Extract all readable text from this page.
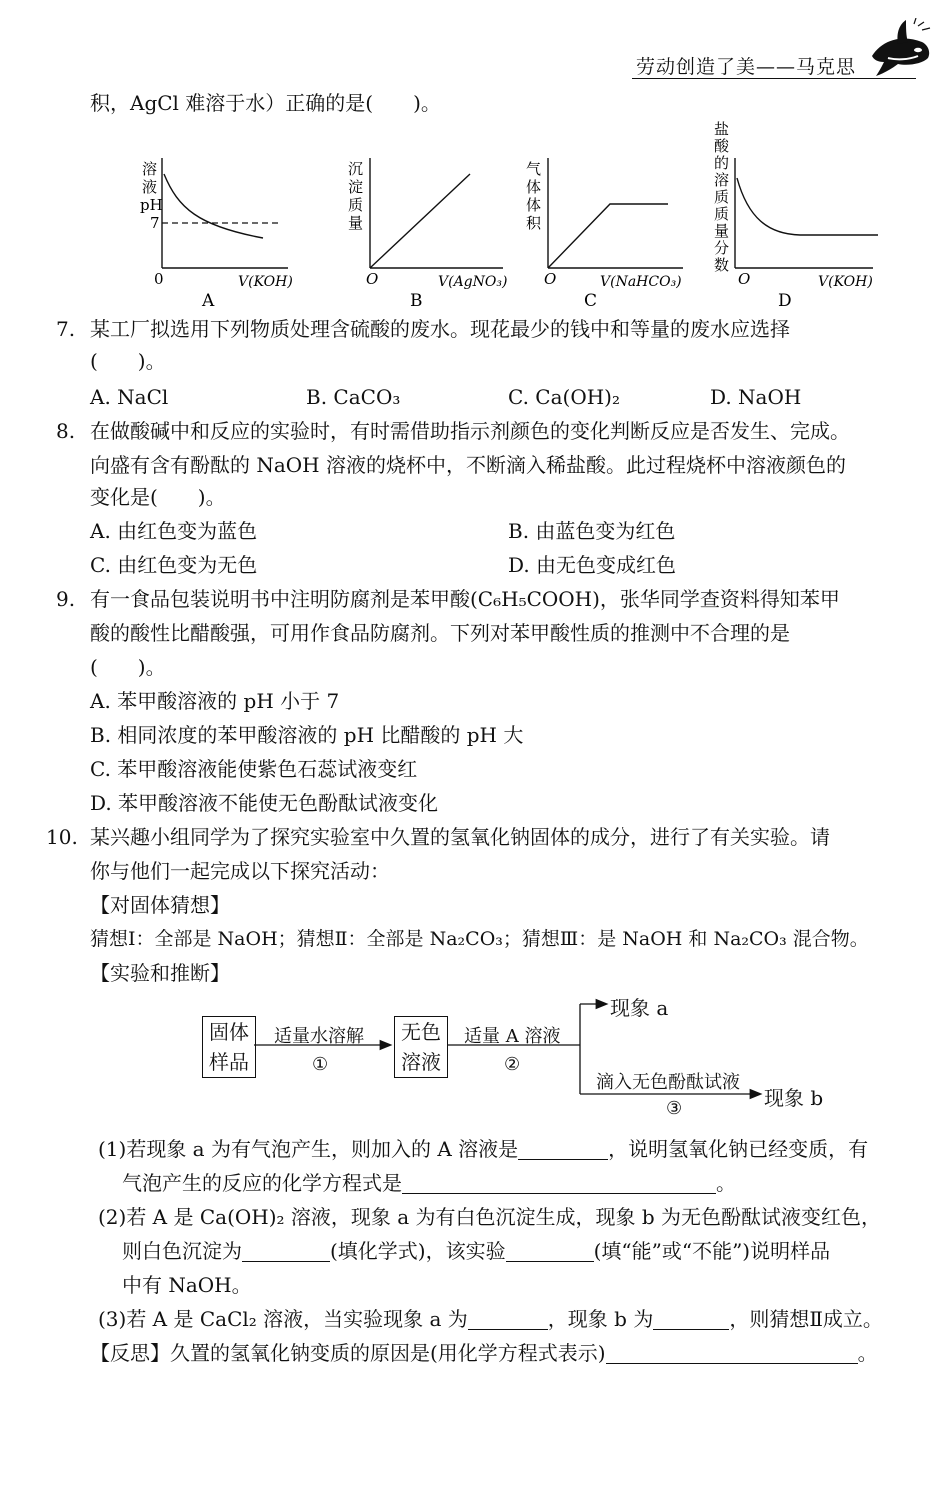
劳动创造了美——马克思
积，AgCl 难溶于水）正确的是(　　)。
溶
液
pH
7
0	V(KOH)
A
沉
淀
质
量
O	V(AgNO₃)
B
气
体
体
积
O	V(NaHCO₃)
C
盐
酸
的
溶
质
质
量
分
数
O	V(KOH)
D
7. 某工厂拟选用下列物质处理含硫酸的废水。现花最少的钱中和等量的废水应选择
(　　)。
A. NaCl	B. CaCO₃	C. Ca(OH)₂	D. NaOH
8. 在做酸碱中和反应的实验时，有时需借助指示剂颜色的变化判断反应是否发生、完成。
向盛有含有酚酞的 NaOH 溶液的烧杯中，不断滴入稀盐酸。此过程烧杯中溶液颜色的
变化是(　　)。
A. 由红色变为蓝色	B. 由蓝色变为红色
C. 由红色变为无色	D. 由无色变成红色
9. 有一食品包装说明书中注明防腐剂是苯甲酸(C₆H₅COOH)，张华同学查资料得知苯甲
酸的酸性比醋酸强，可用作食品防腐剂。下列对苯甲酸性质的推测中不合理的是
(　　)。
A. 苯甲酸溶液的 pH 小于 7
B. 相同浓度的苯甲酸溶液的 pH 比醋酸的 pH 大
C. 苯甲酸溶液能使紫色石蕊试液变红
D. 苯甲酸溶液不能使无色酚酞试液变化
10. 某兴趣小组同学为了探究实验室中久置的氢氧化钠固体的成分，进行了有关实验。请
你与他们一起完成以下探究活动：
【对固体猜想】
猜想Ⅰ：全部是 NaOH；猜想Ⅱ：全部是 Na₂CO₃；猜想Ⅲ：是 NaOH 和 Na₂CO₃ 混合物。
【实验和推断】
固体
样品
适量水溶解
①
无色
溶液
适量 A 溶液
②
现象 a
滴入无色酚酞试液
③	现象 b
(1)若现象 a 为有气泡产生，则加入的 A 溶液是	，说明氢氧化钠已经变质，有
气泡产生的反应的化学方程式是	。
(2)若 A 是 Ca(OH)₂ 溶液，现象 a 为有白色沉淀生成，现象 b 为无色酚酞试液变红色，
则白色沉淀为	(填化学式)，该实验	(填“能”或“不能”)说明样品
中有 NaOH。
(3)若 A 是 CaCl₂ 溶液，当实验现象 a 为	，现象 b 为	，则猜想Ⅱ成立。
【反思】久置的氢氧化钠变质的原因是(用化学方程式表示)	。
